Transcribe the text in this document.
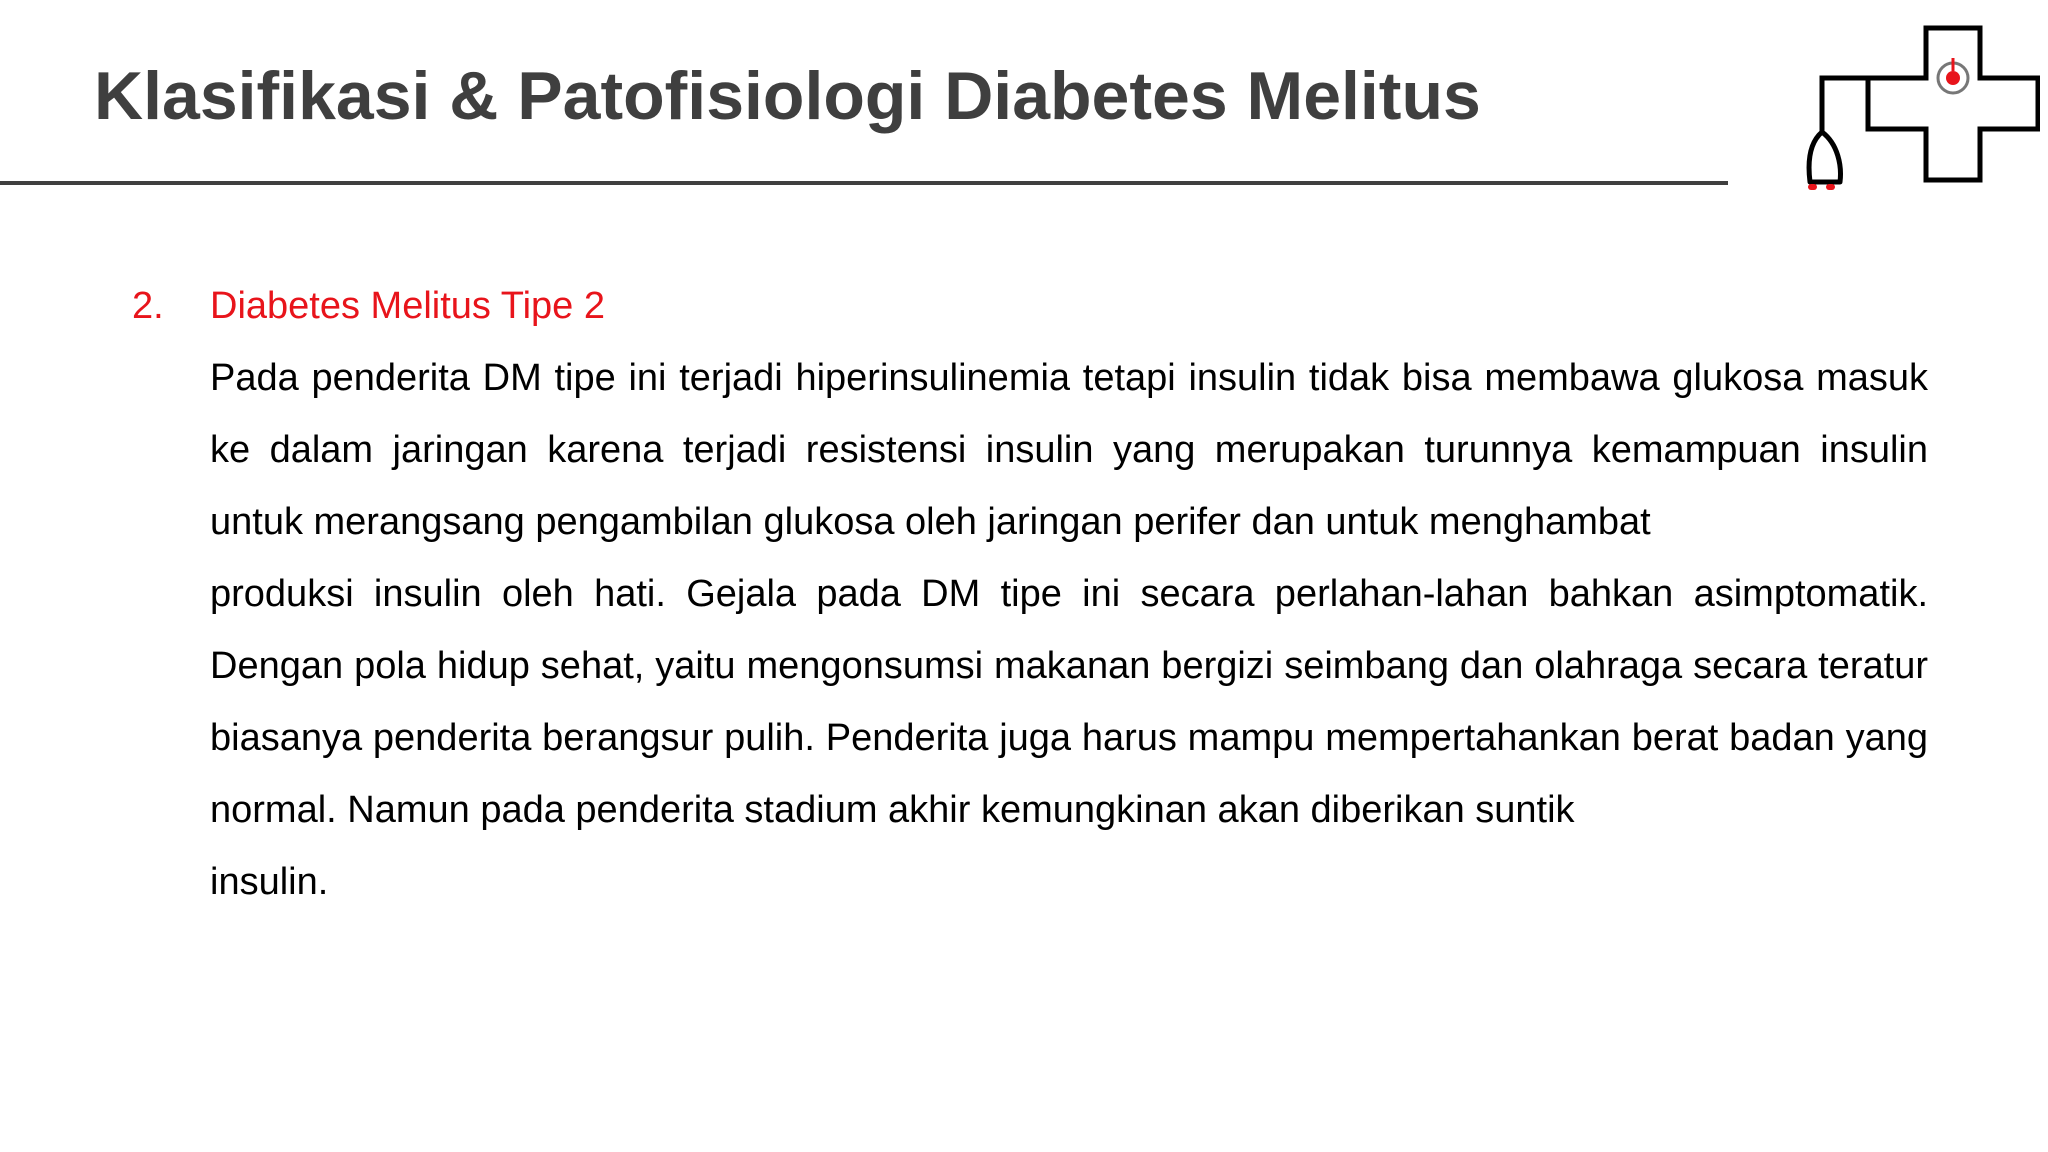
Klasifikasi & Patofisiologi Diabetes Melitus
2.	Diabetes Melitus Tipe 2

Pada penderita DM tipe ini terjadi hiperinsulinemia tetapi insulin tidak bisa membawa glukosa masuk ke dalam jaringan karena terjadi resistensi insulin yang merupakan turunnya kemampuan insulin untuk merangsang pengambilan glukosa oleh jaringan perifer dan untuk menghambat

produksi insulin oleh hati. Gejala pada DM tipe ini secara perlahan-lahan bahkan asimptomatik. Dengan pola hidup sehat, yaitu mengonsumsi makanan bergizi seimbang dan olahraga secara teratur biasanya penderita berangsur pulih. Penderita juga harus mampu mempertahankan berat badan yang normal. Namun pada penderita stadium akhir kemungkinan akan diberikan suntik

insulin.
